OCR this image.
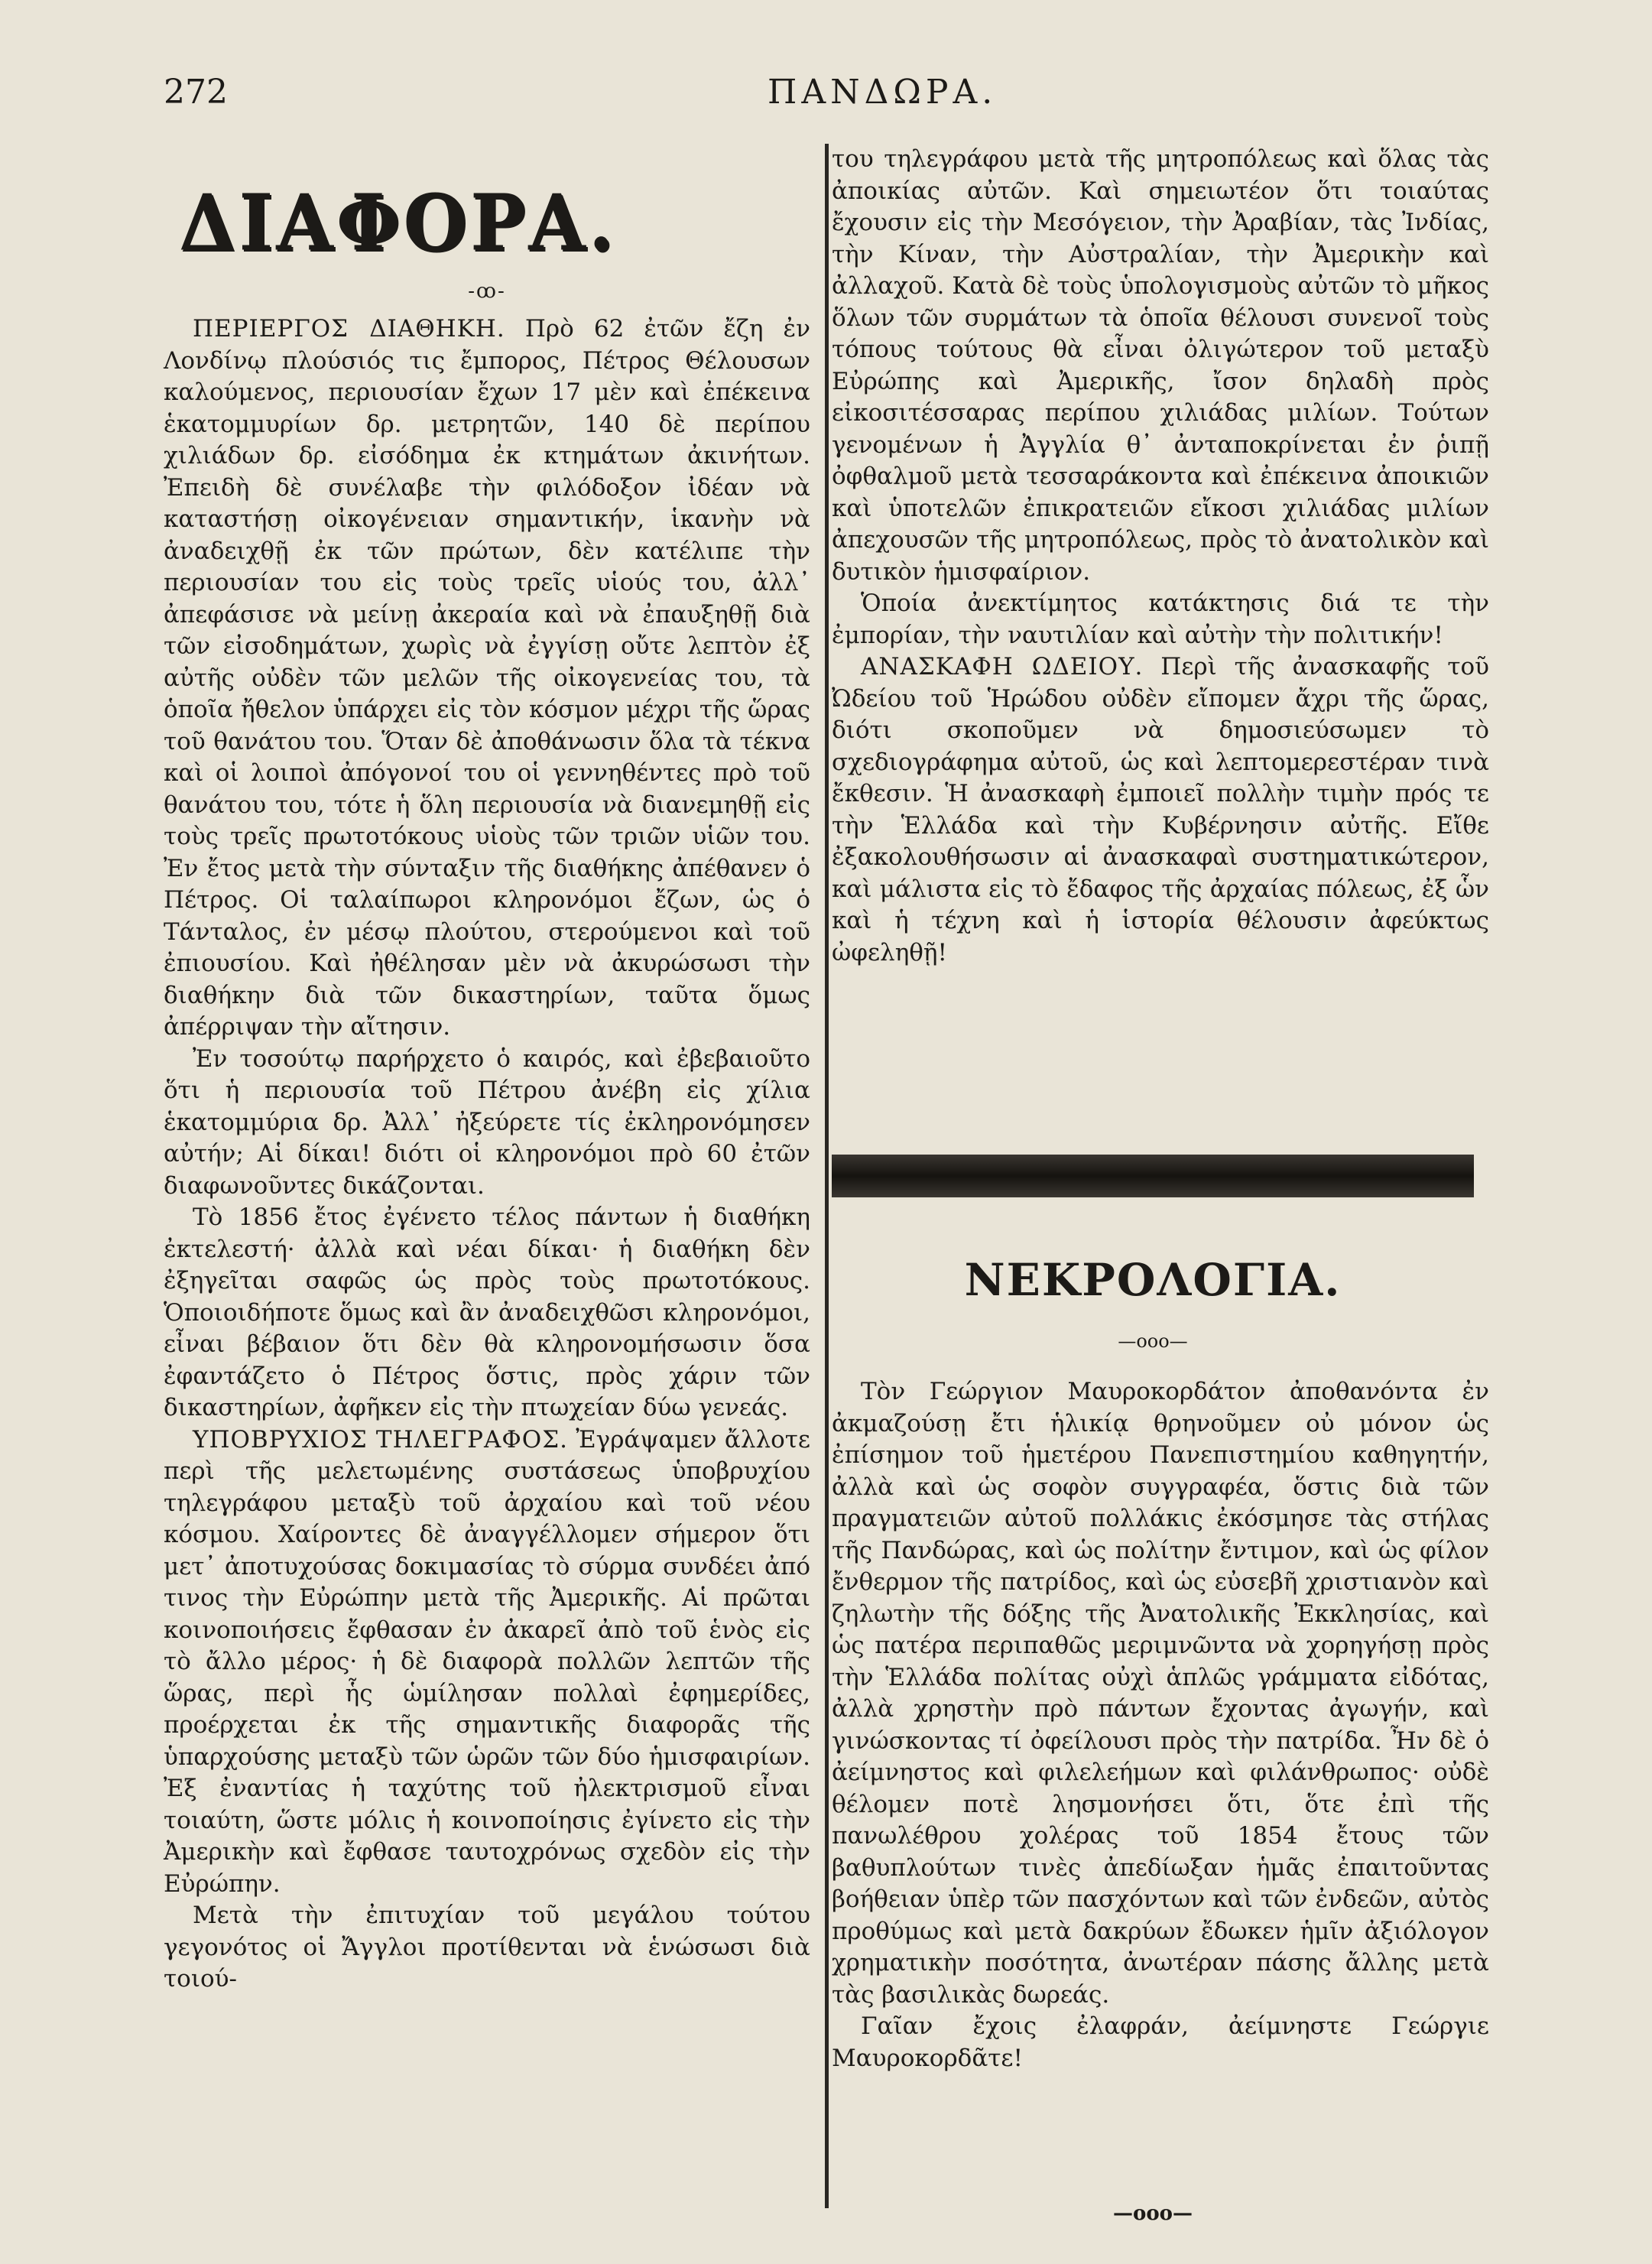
272	ΠΑΝΔΩΡΑ.
ΔΙΑΦΟΡΑ.
-ꝏ-

ΠΕΡΙΕΡΓΟΣ ΔΙΑΘΗΚΗ. Πρὸ 62 ἐτῶν ἔζη ἐν Λονδίνῳ πλούσιός τις ἔμπορος, Πέτρος Θέλουσων καλούμενος, περιουσίαν ἔχων 17 μὲν καὶ ἐπέκεινα ἑκατομμυρίων δρ. μετρητῶν, 140 δὲ περίπου χιλιάδων δρ. εἰσόδημα ἐκ κτημάτων ἀκινήτων. Ἐπειδὴ δὲ συνέλαβε τὴν φιλόδοξον ἰδέαν νὰ καταστήσῃ οἰκογένειαν σημαντικήν, ἱκανὴν νὰ ἀναδειχθῇ ἐκ τῶν πρώτων, δὲν κατέλιπε τὴν περιουσίαν του εἰς τοὺς τρεῖς υἱούς του, ἀλλ᾽ ἀπεφάσισε νὰ μείνῃ ἀκεραία καὶ νὰ ἐπαυξηθῇ διὰ τῶν εἰσοδημάτων, χωρὶς νὰ ἐγγίσῃ οὔτε λεπτὸν ἐξ αὐτῆς οὐδὲν τῶν μελῶν τῆς οἰκογενείας του, τὰ ὁποῖα ἤθελον ὑπάρχει εἰς τὸν κόσμον μέχρι τῆς ὥρας τοῦ θανάτου του. Ὅταν δὲ ἀποθάνωσιν ὅλα τὰ τέκνα καὶ οἱ λοιποὶ ἀπόγονοί του οἱ γεννηθέντες πρὸ τοῦ θανάτου του, τότε ἡ ὅλη περιουσία νὰ διανεμηθῇ εἰς τοὺς τρεῖς πρωτοτόκους υἱοὺς τῶν τριῶν υἱῶν του. Ἐν ἔτος μετὰ τὴν σύνταξιν τῆς διαθήκης ἀπέθανεν ὁ Πέτρος. Οἱ ταλαίπωροι κληρονόμοι ἔζων, ὡς ὁ Τάνταλος, ἐν μέσῳ πλούτου, στερούμενοι καὶ τοῦ ἐπιουσίου. Καὶ ἠθέλησαν μὲν νὰ ἀκυρώσωσι τὴν διαθήκην διὰ τῶν δικαστηρίων, ταῦτα ὅμως ἀπέρριψαν τὴν αἴτησιν.

Ἐν τοσούτῳ παρήρχετο ὁ καιρός, καὶ ἐβεβαιοῦτο ὅτι ἡ περιουσία τοῦ Πέτρου ἀνέβη εἰς χίλια ἑκατομμύρια δρ. Ἀλλ᾽ ἠξεύρετε τίς ἐκληρονόμησεν αὐτήν; Αἱ δίκαι! διότι οἱ κληρονόμοι πρὸ 60 ἐτῶν διαφωνοῦντες δικάζονται.

Τὸ 1856 ἔτος ἐγένετο τέλος πάντων ἡ διαθήκη ἐκτελεστή· ἀλλὰ καὶ νέαι δίκαι· ἡ διαθήκη δὲν ἐξηγεῖται σαφῶς ὡς πρὸς τοὺς πρωτοτόκους. Ὁποιοιδήποτε ὅμως καὶ ἂν ἀναδειχθῶσι κληρονόμοι, εἶναι βέβαιον ὅτι δὲν θὰ κληρονομήσωσιν ὅσα ἐφαντάζετο ὁ Πέτρος ὅστις, πρὸς χάριν τῶν δικαστηρίων, ἀφῆκεν εἰς τὴν πτωχείαν δύω γενεάς.

ΥΠΟΒΡΥΧΙΟΣ ΤΗΛΕΓΡΑΦΟΣ. Ἐγράψαμεν ἄλλοτε περὶ τῆς μελετωμένης συστάσεως ὑποβρυχίου τηλεγράφου μεταξὺ τοῦ ἀρχαίου καὶ τοῦ νέου κόσμου. Χαίροντες δὲ ἀναγγέλλομεν σήμερον ὅτι μετ᾽ ἀποτυχούσας δοκιμασίας τὸ σύρμα συνδέει ἀπό τινος τὴν Εὐρώπην μετὰ τῆς Ἀμερικῆς. Αἱ πρῶται κοινοποιήσεις ἔφθασαν ἐν ἀκαρεῖ ἀπὸ τοῦ ἑνὸς εἰς τὸ ἄλλο μέρος· ἡ δὲ διαφορὰ πολλῶν λεπτῶν τῆς ὥρας, περὶ ἧς ὡμίλησαν πολλαὶ ἐφημερίδες, προέρχεται ἐκ τῆς σημαντικῆς διαφορᾶς τῆς ὑπαρχούσης μεταξὺ τῶν ὡρῶν τῶν δύο ἡμισφαιρίων. Ἐξ ἐναντίας ἡ ταχύτης τοῦ ἠλεκτρισμοῦ εἶναι τοιαύτη, ὥστε μόλις ἡ κοινοποίησις ἐγίνετο εἰς τὴν Ἀμερικὴν καὶ ἔφθασε ταυτοχρόνως σχεδὸν εἰς τὴν Εὐρώπην.

Μετὰ τὴν ἐπιτυχίαν τοῦ μεγάλου τούτου γεγονότος οἱ Ἄγγλοι προτίθενται νὰ ἑνώσωσι διὰ τοιού-

του τηλεγράφου μετὰ τῆς μητροπόλεως καὶ ὅλας τὰς ἀποικίας αὐτῶν. Καὶ σημειωτέον ὅτι τοιαύτας ἔχουσιν εἰς τὴν Μεσόγειον, τὴν Ἀραβίαν, τὰς Ἰνδίας, τὴν Κίναν, τὴν Αὐστραλίαν, τὴν Ἀμερικὴν καὶ ἀλλαχοῦ. Κατὰ δὲ τοὺς ὑπολογισμοὺς αὐτῶν τὸ μῆκος ὅλων τῶν συρμάτων τὰ ὁποῖα θέλουσι συνενοῖ τοὺς τόπους τούτους θὰ εἶναι ὀλιγώτερον τοῦ μεταξὺ Εὐρώπης καὶ Ἀμερικῆς, ἴσον δηλαδὴ πρὸς εἰκοσιτέσσαρας περίπου χιλιάδας μιλίων. Τούτων γενομένων ἡ Ἀγγλία θ᾽ ἀνταποκρίνεται ἐν ῥιπῇ ὀφθαλμοῦ μετὰ τεσσαράκοντα καὶ ἐπέκεινα ἀποικιῶν καὶ ὑποτελῶν ἐπικρατειῶν εἴκοσι χιλιάδας μιλίων ἀπεχουσῶν τῆς μητροπόλεως, πρὸς τὸ ἀνατολικὸν καὶ δυτικὸν ἡμισφαίριον.

Ὁποία ἀνεκτίμητος κατάκτησις διά τε τὴν ἐμπορίαν, τὴν ναυτιλίαν καὶ αὐτὴν τὴν πολιτικήν!

ΑΝΑΣΚΑΦΗ ΩΔΕΙΟΥ. Περὶ τῆς ἀνασκαφῆς τοῦ Ὠδείου τοῦ Ἡρώδου οὐδὲν εἴπομεν ἄχρι τῆς ὥρας, διότι σκοποῦμεν νὰ δημοσιεύσωμεν τὸ σχεδιογράφημα αὐτοῦ, ὡς καὶ λεπτομερεστέραν τινὰ ἔκθεσιν. Ἡ ἀνασκαφὴ ἐμποιεῖ πολλὴν τιμὴν πρός τε τὴν Ἑλλάδα καὶ τὴν Κυβέρνησιν αὐτῆς. Εἴθε ἐξακολουθήσωσιν αἱ ἀνασκαφαὶ συστηματικώτερον, καὶ μάλιστα εἰς τὸ ἔδαφος τῆς ἀρχαίας πόλεως, ἐξ ὧν καὶ ἡ τέχνη καὶ ἡ ἱστορία θέλουσιν ἀφεύκτως ὠφεληθῇ!

ΝΕΚΡΟΛΟΓΙΑ.
—ooo—

Τὸν Γεώργιον Μαυροκορδάτον ἀποθανόντα ἐν ἀκμαζούσῃ ἔτι ἡλικίᾳ θρηνοῦμεν οὐ μόνον ὡς ἐπίσημον τοῦ ἡμετέρου Πανεπιστημίου καθηγητήν, ἀλλὰ καὶ ὡς σοφὸν συγγραφέα, ὅστις διὰ τῶν πραγματειῶν αὐτοῦ πολλάκις ἐκόσμησε τὰς στήλας τῆς Πανδώρας, καὶ ὡς πολίτην ἔντιμον, καὶ ὡς φίλον ἔνθερμον τῆς πατρίδος, καὶ ὡς εὐσεβῆ χριστιανὸν καὶ ζηλωτὴν τῆς δόξης τῆς Ἀνατολικῆς Ἐκκλησίας, καὶ ὡς πατέρα περιπαθῶς μεριμνῶντα νὰ χορηγήσῃ πρὸς τὴν Ἑλλάδα πολίτας οὐχὶ ἁπλῶς γράμματα εἰδότας, ἀλλὰ χρηστὴν πρὸ πάντων ἔχοντας ἀγωγήν, καὶ γινώσκοντας τί ὀφείλουσι πρὸς τὴν πατρίδα. Ἦν δὲ ὁ ἀείμνηστος καὶ φιλελεήμων καὶ φιλάνθρωπος· οὐδὲ θέλομεν ποτὲ λησμονήσει ὅτι, ὅτε ἐπὶ τῆς πανωλέθρου χολέρας τοῦ 1854 ἔτους τῶν βαθυπλούτων τινὲς ἀπεδίωξαν ἡμᾶς ἐπαιτοῦντας βοήθειαν ὑπὲρ τῶν πασχόντων καὶ τῶν ἐνδεῶν, αὐτὸς προθύμως καὶ μετὰ δακρύων ἔδωκεν ἡμῖν ἀξιόλογον χρηματικὴν ποσότητα, ἀνωτέραν πάσης ἄλλης μετὰ τὰς βασιλικὰς δωρεάς.

Γαῖαν ἔχοις ἐλαφράν, ἀείμνηστε Γεώργιε Μαυροκορδᾶτε!

—ooo—
